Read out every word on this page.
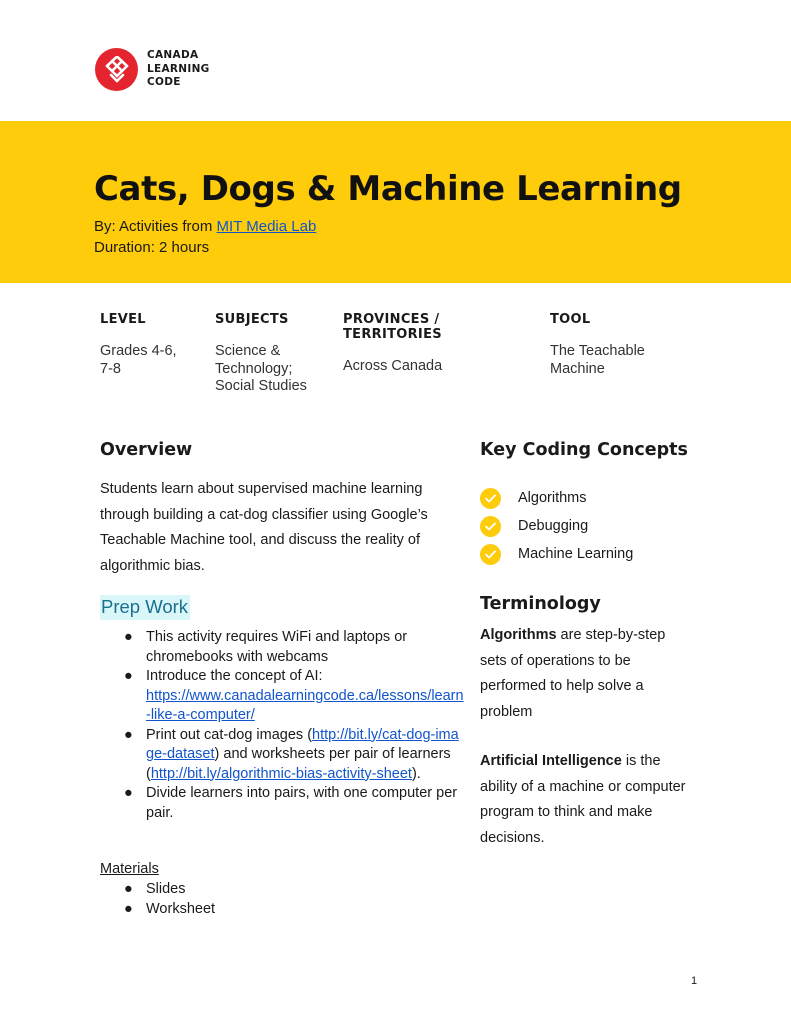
CANADA
LEARNING
CODE
Cats, Dogs & Machine Learning
By: Activities from MIT Media Lab
Duration: 2 hours
LEVEL
Grades 4-6,
7-8
SUBJECTS
Science &
Technology;
Social Studies
PROVINCES / TERRITORIES
Across Canada
TOOL
The Teachable
Machine
Overview
Students learn about supervised machine learning through building a cat-dog classifier using Google’s Teachable Machine tool, and discuss the reality of algorithmic bias.
Prep Work
● This activity requires WiFi and laptops or chromebooks with webcams
● Introduce the concept of AI:
https://www.canadalearningcode.ca/lessons/learn-like-a-computer/
● Print out cat-dog images (http://bit.ly/cat-dog-image-dataset) and worksheets per pair of learners (http://bit.ly/algorithmic-bias-activity-sheet).
● Divide learners into pairs, with one computer per pair.
Materials
● Slides
● Worksheet
Key Coding Concepts
Algorithms
Debugging
Machine Learning
Terminology
Algorithms are step-by-step sets of operations to be performed to help solve a problem
Artificial Intelligence is the ability of a machine or computer program to think and make decisions.
1
